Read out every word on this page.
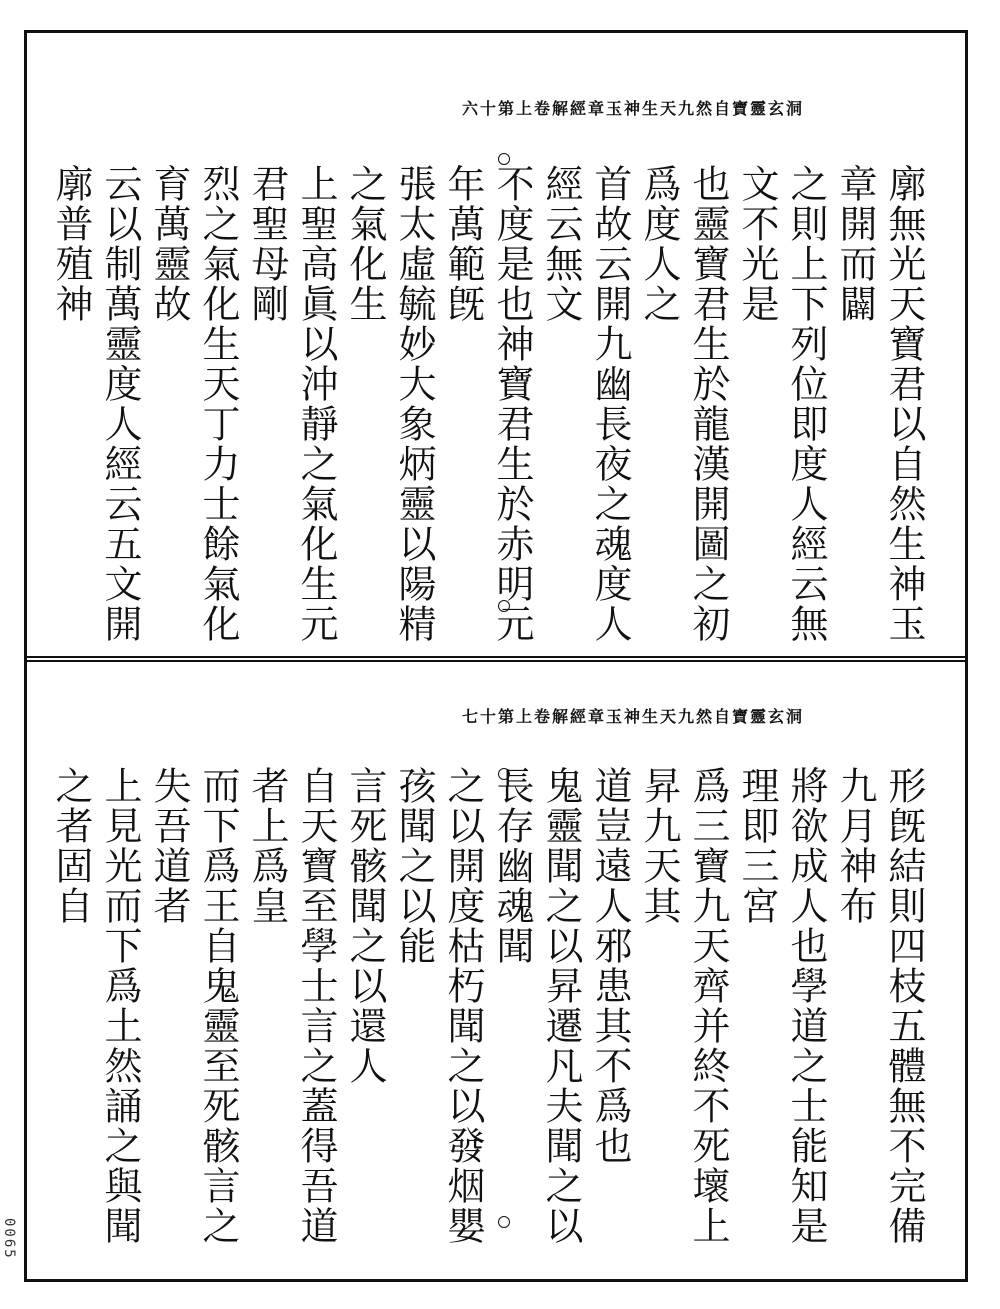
洞玄靈寶自然九天生神玉章經解卷上第十六
廓無光天寶君以自然生神玉章開而闢
之則上下列位即度人經云無文不光是
也靈寶君生於龍漢開圖之初爲度人之
首故云開九幽長夜之魂度人經云無文
不度是也神寶君生於赤明元年萬範旣
張太虛毓妙大象炳靈以陽精之氣化生
上聖高眞以沖靜之氣化生元君聖母剛
烈之氣化生天丁力士餘氣化育萬靈故
云以制萬靈度人經云五文開廓普殖神
洞玄靈寶自然九天生神玉章經解卷上第十七
形旣結則四枝五體無不完備九月神布
將欲成人也學道之士能知是理即三宮
爲三寶九天齊并終不死壞上昇九天其
道豈遠人邪患其不爲也
鬼靈聞之以昇遷凡夫聞之以長存幽魂聞
之以開度枯朽聞之以發烟嬰孩聞之以能
言死骸聞之以還人
自天寶至學士言之蓋得吾道者上爲皇
而下爲王自鬼靈至死骸言之失吾道者
上見光而下爲土然誦之與聞之者固自
0065
